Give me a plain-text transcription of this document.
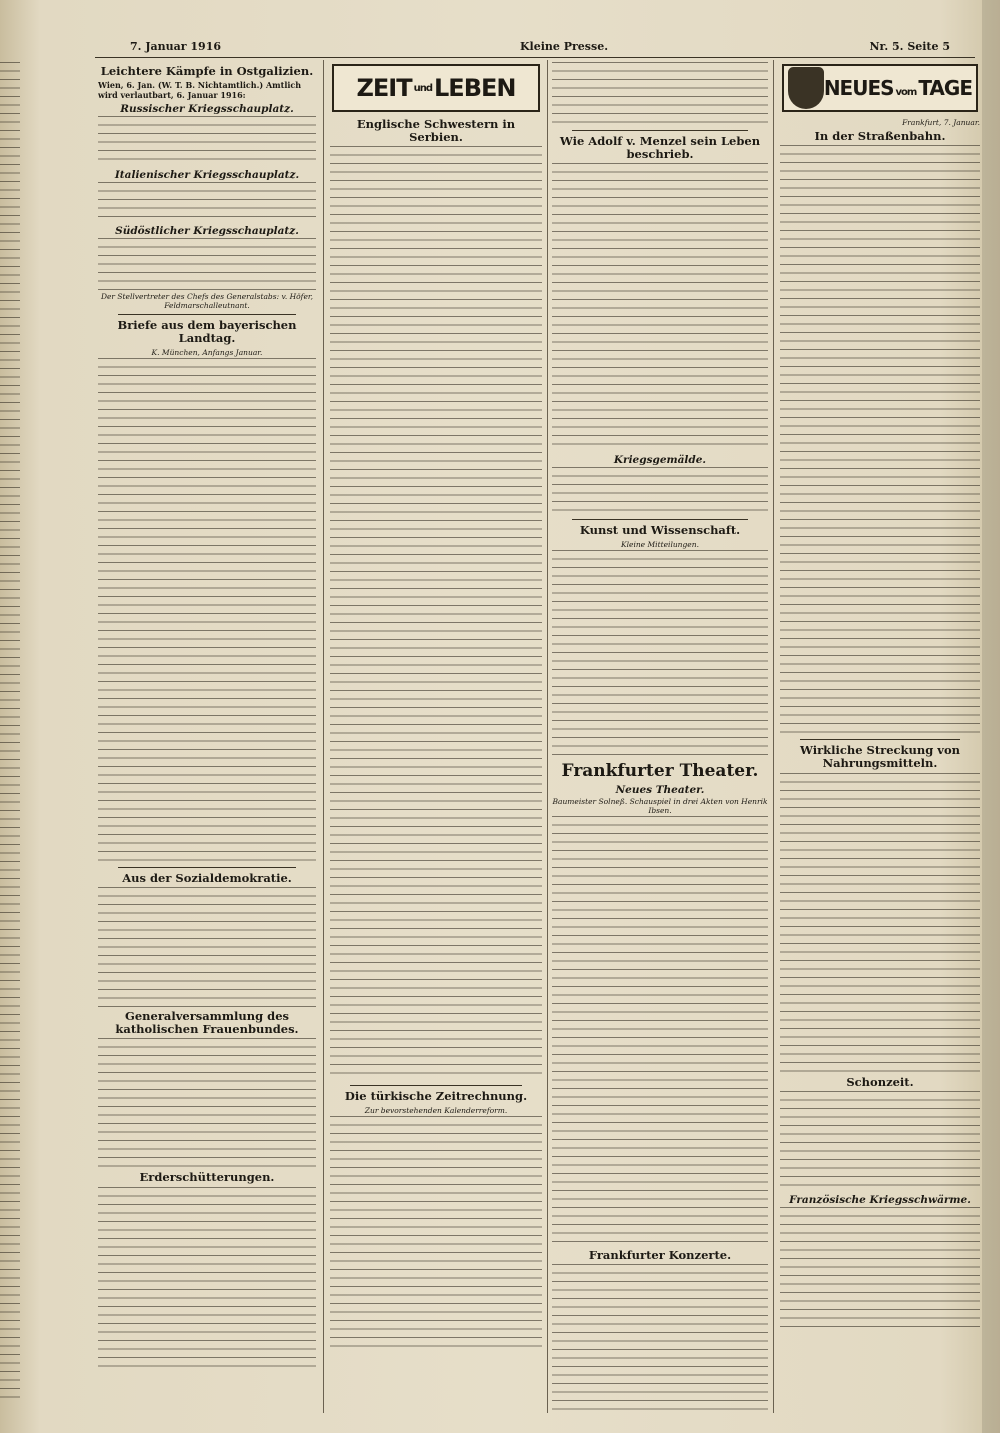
7. Januar 1916	Kleine Presse.	Nr. 5. Seite 5

Leichtere Kämpfe in Ostgalizien.
Wien, 6. Jan. (W. T. B. Nichtamtlich.) Amtlich wird verlautbart, 6. Januar 1916:
Russischer Kriegsschauplatz.

Italienischer Kriegsschauplatz.

Südöstlicher Kriegsschauplatz.

Der Stellvertreter des Chefs des Generalstabs: v. Höfer, Feldmarschalleutnant.
Briefe aus dem bayerischen Landtag.
K. München, Anfangs Januar.

Aus der Sozialdemokratie.

Generalversammlung des katholischen Frauenbundes.

Erderschütterungen.

ZEIT und LEBEN
Englische Schwestern in Serbien.

Die türkische Zeitrechnung.
Zur bevorstehenden Kalenderreform.

Wie Adolf v. Menzel sein Leben beschrieb.

Kriegsgemälde.

Kunst und Wissenschaft.
Kleine Mitteilungen.

Frankfurter Theater.
Neues Theater.
Baumeister Solneß. Schauspiel in drei Akten von Henrik Ibsen.

Frankfurter Konzerte.

NEUES vom TAGE
Frankfurt, 7. Januar.
In der Straßenbahn.

Wirkliche Streckung von Nahrungsmitteln.

Schonzeit.

Französische Kriegsschwärme.
